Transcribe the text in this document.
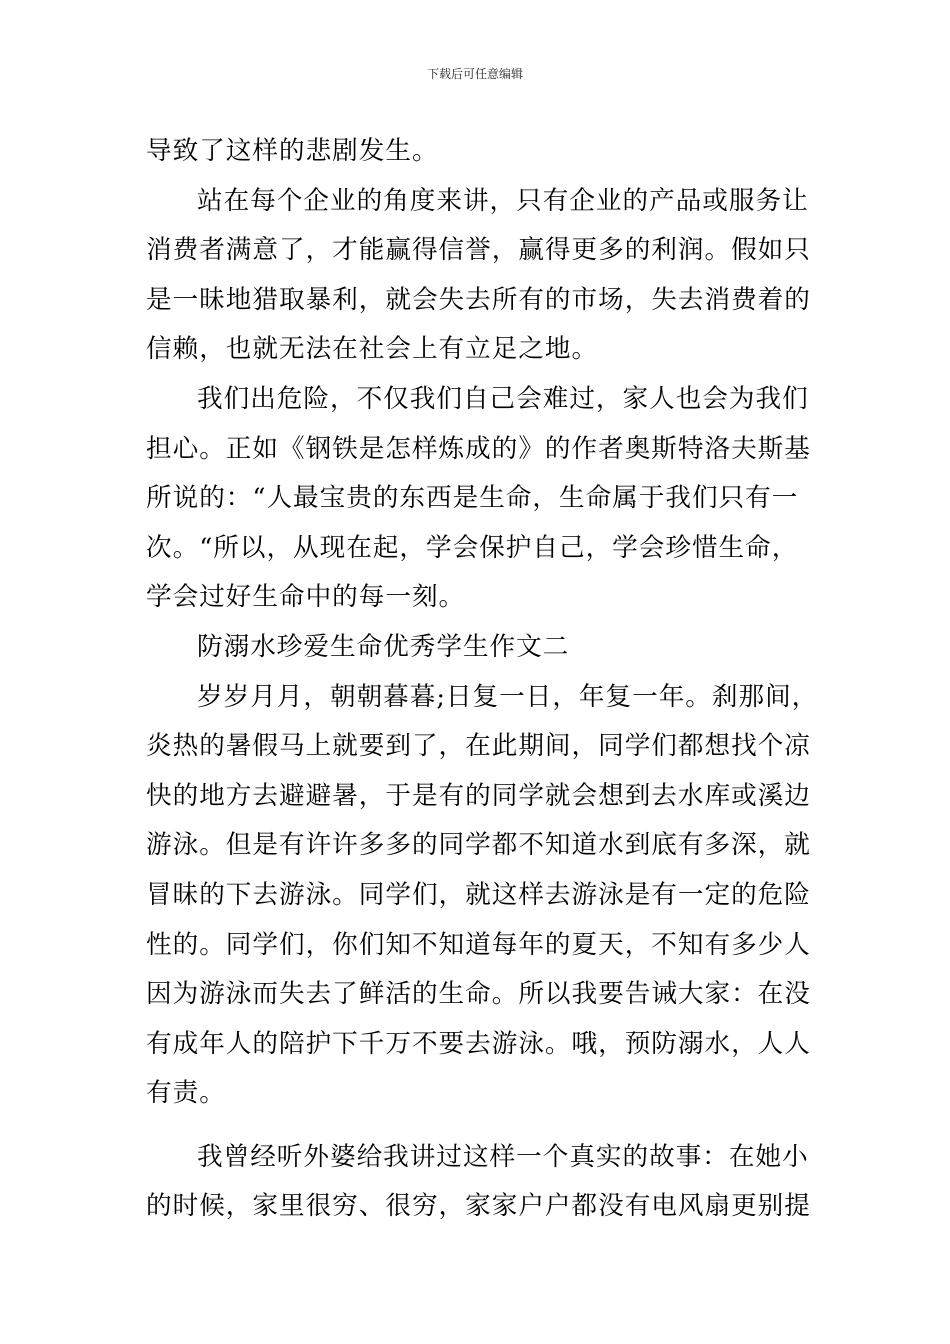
下载后可任意编辑
导致了这样的悲剧发生。
站在每个企业的角度来讲，只有企业的产品或服务让
消费者满意了，才能赢得信誉，赢得更多的利润。假如只
是一昧地猎取暴利，就会失去所有的市场，失去消费着的
信赖，也就无法在社会上有立足之地。
我们出危险，不仅我们自己会难过，家人也会为我们
担心。正如《钢铁是怎样炼成的》的作者奥斯特洛夫斯基
所说的：“人最宝贵的东西是生命，生命属于我们只有一
次。“所以，从现在起，学会保护自己，学会珍惜生命，
学会过好生命中的每一刻。
防溺水珍爱生命优秀学生作文二
岁岁月月，朝朝暮暮;日复一日，年复一年。刹那间，
炎热的暑假马上就要到了，在此期间，同学们都想找个凉
快的地方去避避暑，于是有的同学就会想到去水库或溪边
游泳。但是有许许多多的同学都不知道水到底有多深，就
冒昧的下去游泳。同学们，就这样去游泳是有一定的危险
性的。同学们，你们知不知道每年的夏天，不知有多少人
因为游泳而失去了鲜活的生命。所以我要告诫大家：在没
有成年人的陪护下千万不要去游泳。哦，预防溺水，人人
有责。
我曾经听外婆给我讲过这样一个真实的故事：在她小
的时候，家里很穷、很穷，家家户户都没有电风扇更别提
